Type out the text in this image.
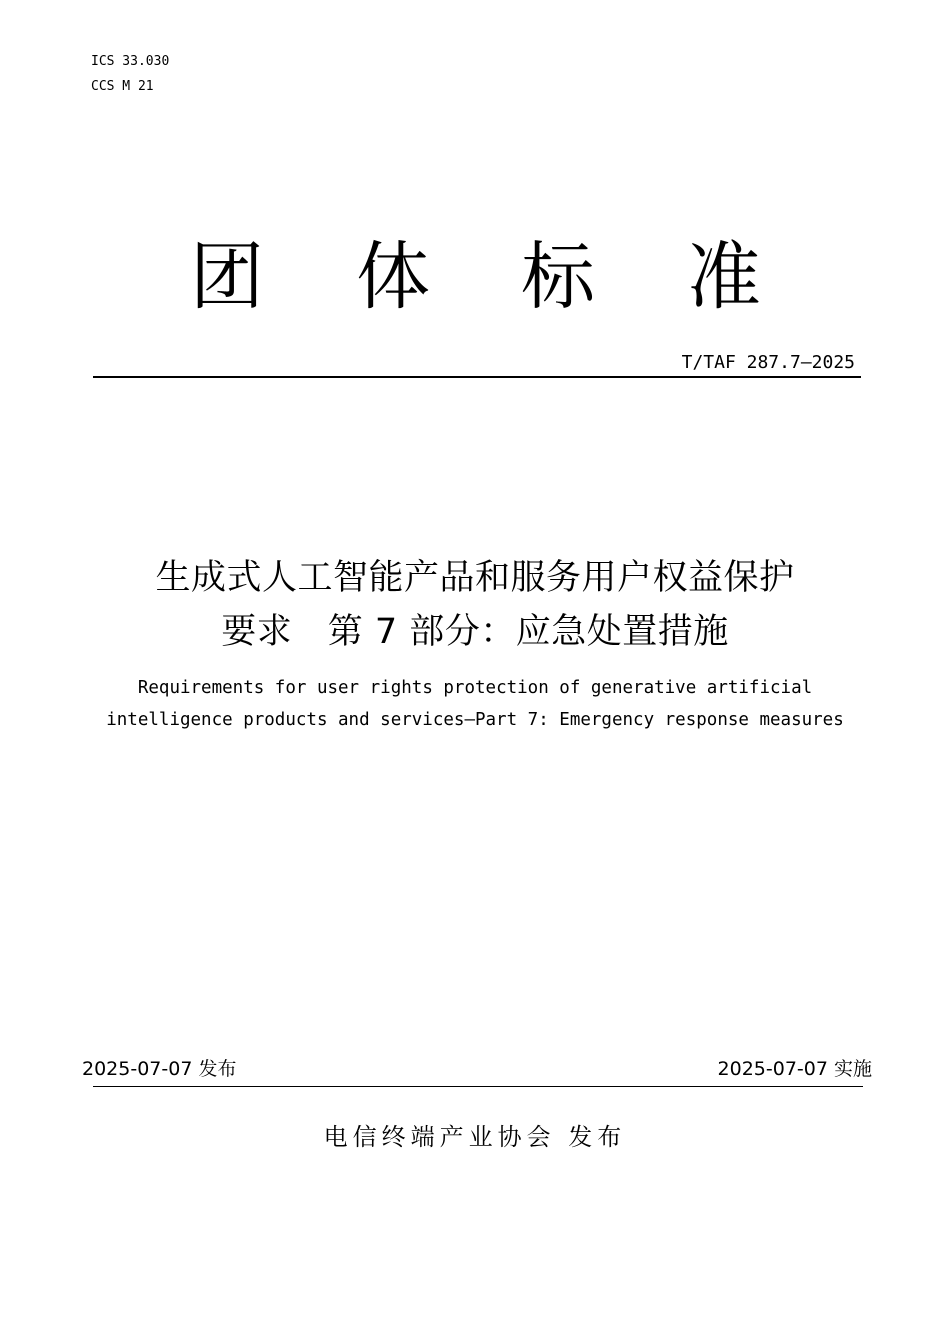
ICS 33.030
CCS M 21
团 体 标 准
T/TAF 287.7—2025
生成式人工智能产品和服务用户权益保护
要求　第 7 部分：应急处置措施
Requirements for user rights protection of generative artificial
intelligence products and services—Part 7: Emergency response measures
2025-07-07 发布	2025-07-07 实施
电信终端产业协会 发布
